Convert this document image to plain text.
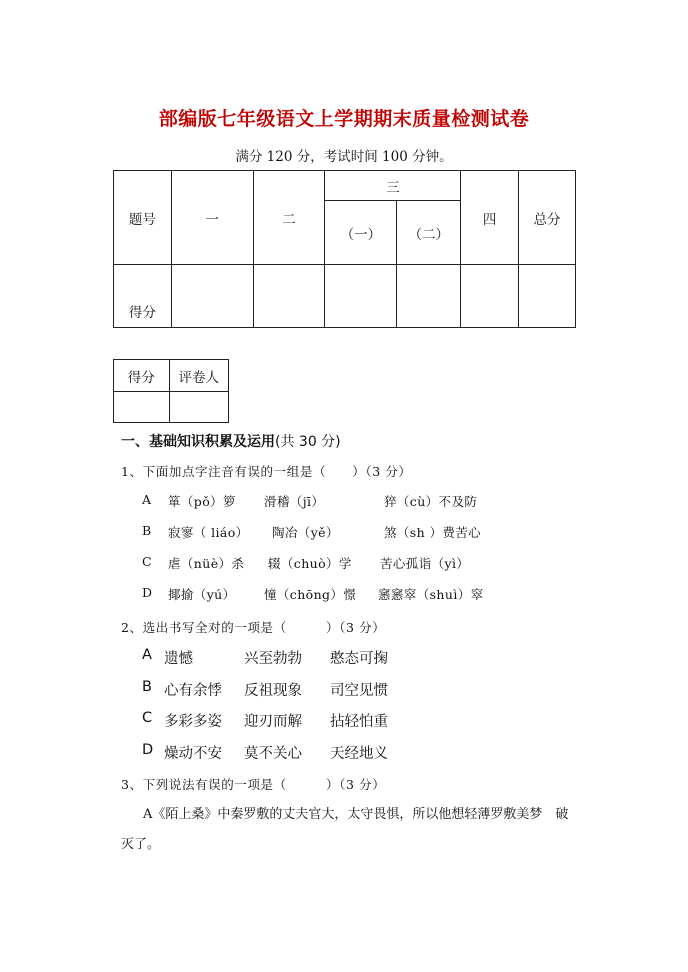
部编版七年级语文上学期期末质量检测试卷
满分 120 分，考试时间 100 分钟。
题号	一	二	三		四	总分
			（一）	（二）		
得分						
得分	评卷人

一、基础知识积累及运用(共 30 分)
1、下面加点字注音有误的一组是（　　）（3 分）
A	箪（pǒ）箩	滑稽（jī）	猝（cù）不及防
B	寂寥（ liáo）	陶冶（yě）	煞（sh ）费苦心
C	虐（nüè）杀	辍（chuò）学	苦心孤诣（yì）
D	揶揄（yú）	憧（chōng）憬	窸窸窣（shuì）窣
2、选出书写全对的一项是（　　　）（3 分）
A 遗憾	兴至勃勃	憨态可掬
B 心有余悸	反祖现象	司空见惯
C 多彩多姿	迎刃而解	拈轻怕重
D 燥动不安	莫不关心	天经地义
3、下列说法有误的一项是（　　　）（3 分）
A《陌上桑》中秦罗敷的丈夫官大，太守畏惧，所以他想轻薄罗敷美梦　破灭了。
